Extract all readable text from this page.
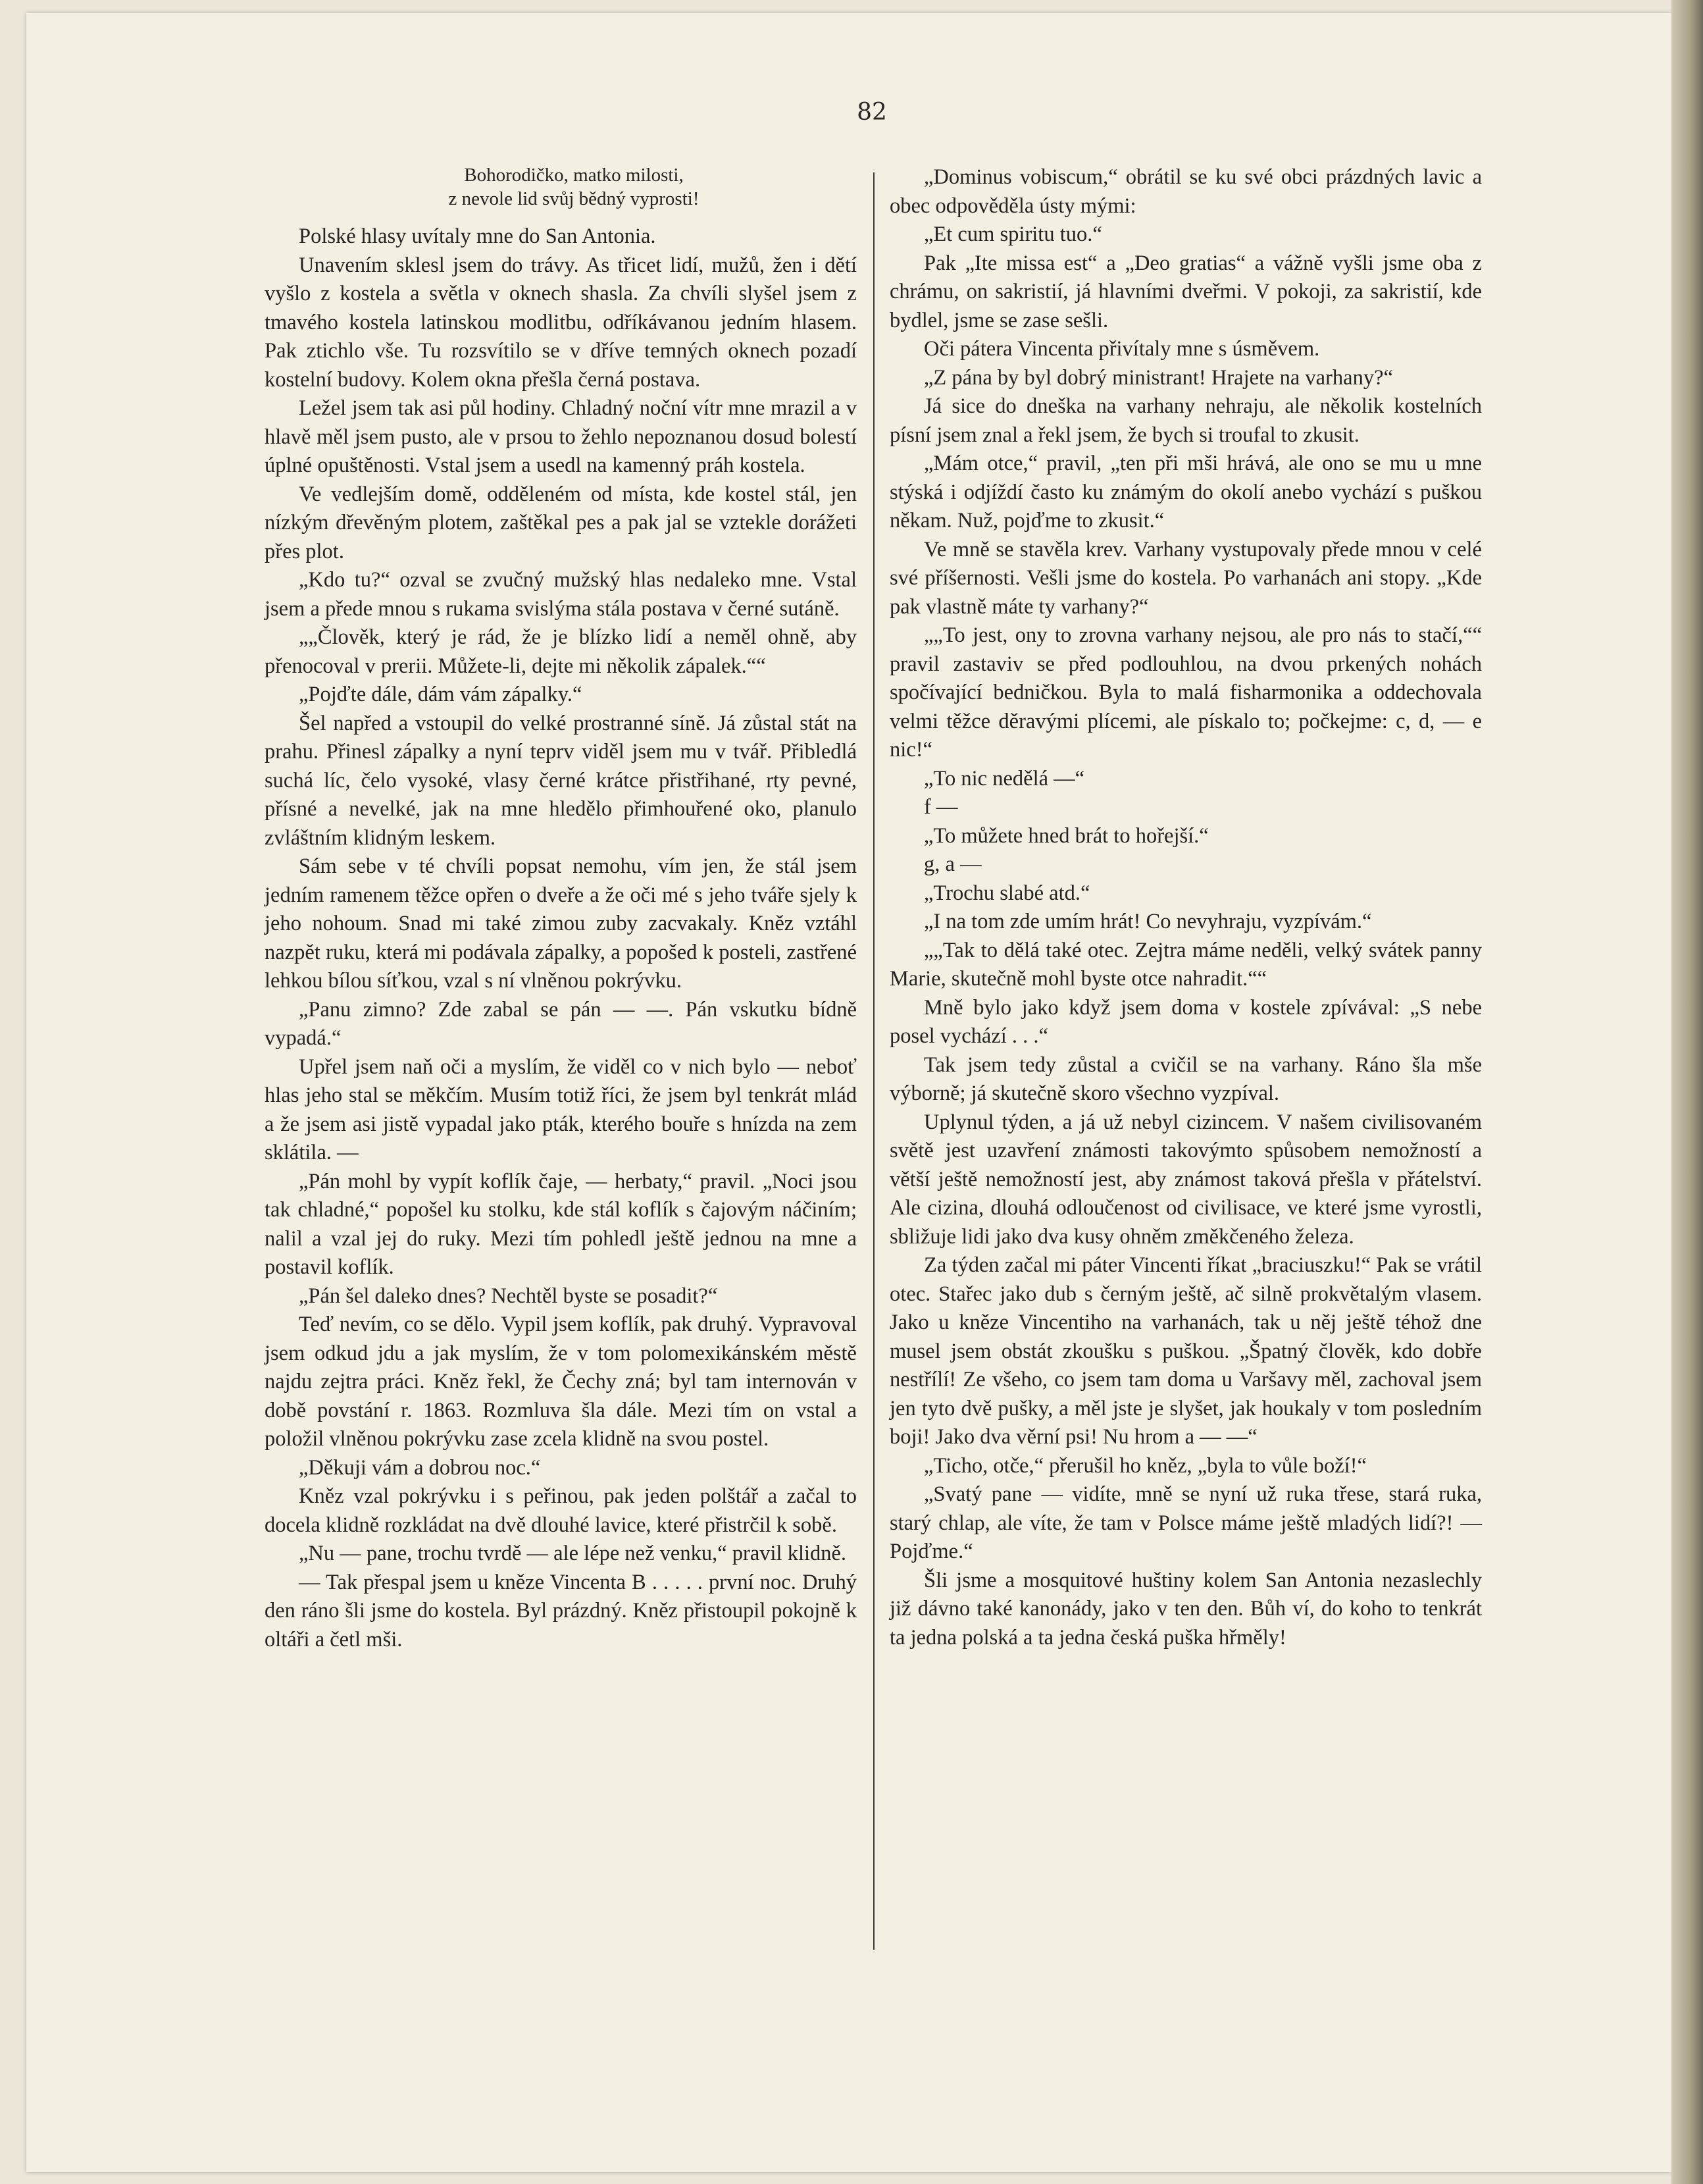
82
Bohorodičko, matko milosti,
z nevole lid svůj bědný vyprosti!

Polské hlasy uvítaly mne do San Antonia.

Unavením sklesl jsem do trávy. As třicet lidí, mužů, žen i dětí vyšlo z kostela a světla v oknech shasla. Za chvíli slyšel jsem z tmavého kostela latinskou modlitbu, odříkávanou jedním hlasem. Pak ztichlo vše. Tu rozsvítilo se v dříve temných oknech pozadí kostelní budovy. Kolem okna přešla černá postava.

Ležel jsem tak asi půl hodiny. Chladný noční vítr mne mrazil a v hlavě měl jsem pusto, ale v prsou to žehlo nepoznanou dosud bolestí úplné opuštěnosti. Vstal jsem a usedl na kamenný práh kostela.

Ve vedlejším domě, odděleném od místa, kde kostel stál, jen nízkým dřevěným plotem, zaštěkal pes a pak jal se vztekle dorážeti přes plot.

„Kdo tu?“ ozval se zvučný mužský hlas nedaleko mne. Vstal jsem a přede mnou s rukama svislýma stála postava v černé sutáně.

„„Člověk, který je rád, že je blízko lidí a neměl ohně, aby přenocoval v prerii. Můžete-li, dejte mi několik zápalek.““

„Pojďte dále, dám vám zápalky.“

Šel napřed a vstoupil do velké prostranné síně. Já zůstal stát na prahu. Přinesl zápalky a nyní teprv viděl jsem mu v tvář. Přibledlá suchá líc, čelo vysoké, vlasy černé krátce přistřihané, rty pevné, přísné a nevelké, jak na mne hledělo přimhouřené oko, planulo zvláštním klidným leskem.

Sám sebe v té chvíli popsat nemohu, vím jen, že stál jsem jedním ramenem těžce opřen o dveře a že oči mé s jeho tváře sjely k jeho nohoum. Snad mi také zimou zuby zacvakaly. Kněz vztáhl nazpět ruku, která mi podávala zápalky, a popošed k posteli, zastřené lehkou bílou síťkou, vzal s ní vlněnou pokrývku.

„Panu zimno? Zde zabal se pán — —. Pán vskutku bídně vypadá.“

Upřel jsem naň oči a myslím, že viděl co v nich bylo — neboť hlas jeho stal se měkčím. Musím totiž říci, že jsem byl tenkrát mlád a že jsem asi jistě vypadal jako pták, kterého bouře s hnízda na zem sklátila. —

„Pán mohl by vypít koflík čaje, — herbaty,“ pravil. „Noci jsou tak chladné,“ popošel ku stolku, kde stál koflík s čajovým náčiním; nalil a vzal jej do ruky. Mezi tím pohledl ještě jednou na mne a postavil koflík.

„Pán šel daleko dnes? Nechtěl byste se posadit?“

Teď nevím, co se dělo. Vypil jsem koflík, pak druhý. Vypravoval jsem odkud jdu a jak myslím, že v tom polomexikánském městě najdu zejtra práci. Kněz řekl, že Čechy zná; byl tam internován v době povstání r. 1863. Rozmluva šla dále. Mezi tím on vstal a položil vlněnou pokrývku zase zcela klidně na svou postel.

„Děkuji vám a dobrou noc.“

Kněz vzal pokrývku i s peřinou, pak jeden polštář a začal to docela klidně rozkládat na dvě dlouhé lavice, které přistrčil k sobě.

„Nu — pane, trochu tvrdě — ale lépe než venku,“ pravil klidně.

— Tak přespal jsem u kněze Vincenta B . . . . . první noc. Druhý den ráno šli jsme do kostela. Byl prázdný. Kněz přistoupil pokojně k oltáři a četl mši.

„Dominus vobiscum,“ obrátil se ku své obci prázdných lavic a obec odpověděla ústy mými:

„Et cum spiritu tuo.“

Pak „Ite missa est“ a „Deo gratias“ a vážně vyšli jsme oba z chrámu, on sakristií, já hlavními dveřmi. V pokoji, za sakristií, kde bydlel, jsme se zase sešli.

Oči pátera Vincenta přivítaly mne s úsměvem.

„Z pána by byl dobrý ministrant! Hrajete na varhany?“

Já sice do dneška na varhany nehraju, ale několik kostelních písní jsem znal a řekl jsem, že bych si troufal to zkusit.

„Mám otce,“ pravil, „ten při mši hrává, ale ono se mu u mne stýská i odjíždí často ku známým do okolí anebo vychází s puškou někam. Nuž, pojďme to zkusit.“

Ve mně se stavěla krev. Varhany vystupovaly přede mnou v celé své příšernosti. Vešli jsme do kostela. Po varhanách ani stopy. „Kde pak vlastně máte ty varhany?“

„„To jest, ony to zrovna varhany nejsou, ale pro nás to stačí,““ pravil zastaviv se před podlouhlou, na dvou prkených nohách spočívající bedničkou. Byla to malá fisharmonika a oddechovala velmi těžce děravými plícemi, ale pískalo to; počkejme: c, d, — e nic!“

„To nic nedělá —“

f —

„To můžete hned brát to hořejší.“

g, a —

„Trochu slabé atd.“

„I na tom zde umím hrát! Co nevyhraju, vyzpívám.“

„„Tak to dělá také otec. Zejtra máme neděli, velký svátek panny Marie, skutečně mohl byste otce nahradit.““

Mně bylo jako když jsem doma v kostele zpívával: „S nebe posel vychází . . .“

Tak jsem tedy zůstal a cvičil se na varhany. Ráno šla mše výborně; já skutečně skoro všechno vyzpíval.

Uplynul týden, a já už nebyl cizincem. V našem civilisovaném světě jest uzavření známosti takovýmto spůsobem nemožností a větší ještě nemožností jest, aby známost taková přešla v přátelství. Ale cizina, dlouhá odloučenost od civilisace, ve které jsme vyrostli, sbližuje lidi jako dva kusy ohněm změkčeného železa.

Za týden začal mi páter Vincenti říkat „braciuszku!“ Pak se vrátil otec. Stařec jako dub s černým ještě, ač silně prokvětalým vlasem. Jako u kněze Vincentiho na varhanách, tak u něj ještě téhož dne musel jsem obstát zkoušku s puškou. „Špatný člověk, kdo dobře nestřílí! Ze všeho, co jsem tam doma u Varšavy měl, zachoval jsem jen tyto dvě pušky, a měl jste je slyšet, jak houkaly v tom posledním boji! Jako dva věrní psi! Nu hrom a — —“

„Ticho, otče,“ přerušil ho kněz, „byla to vůle boží!“

„Svatý pane — vidíte, mně se nyní už ruka třese, stará ruka, starý chlap, ale víte, že tam v Polsce máme ještě mladých lidí?! — Pojďme.“

Šli jsme a mosquitové huštiny kolem San Antonia nezaslechly již dávno také kanonády, jako v ten den. Bůh ví, do koho to tenkrát ta jedna polská a ta jedna česká puška hřměly!
